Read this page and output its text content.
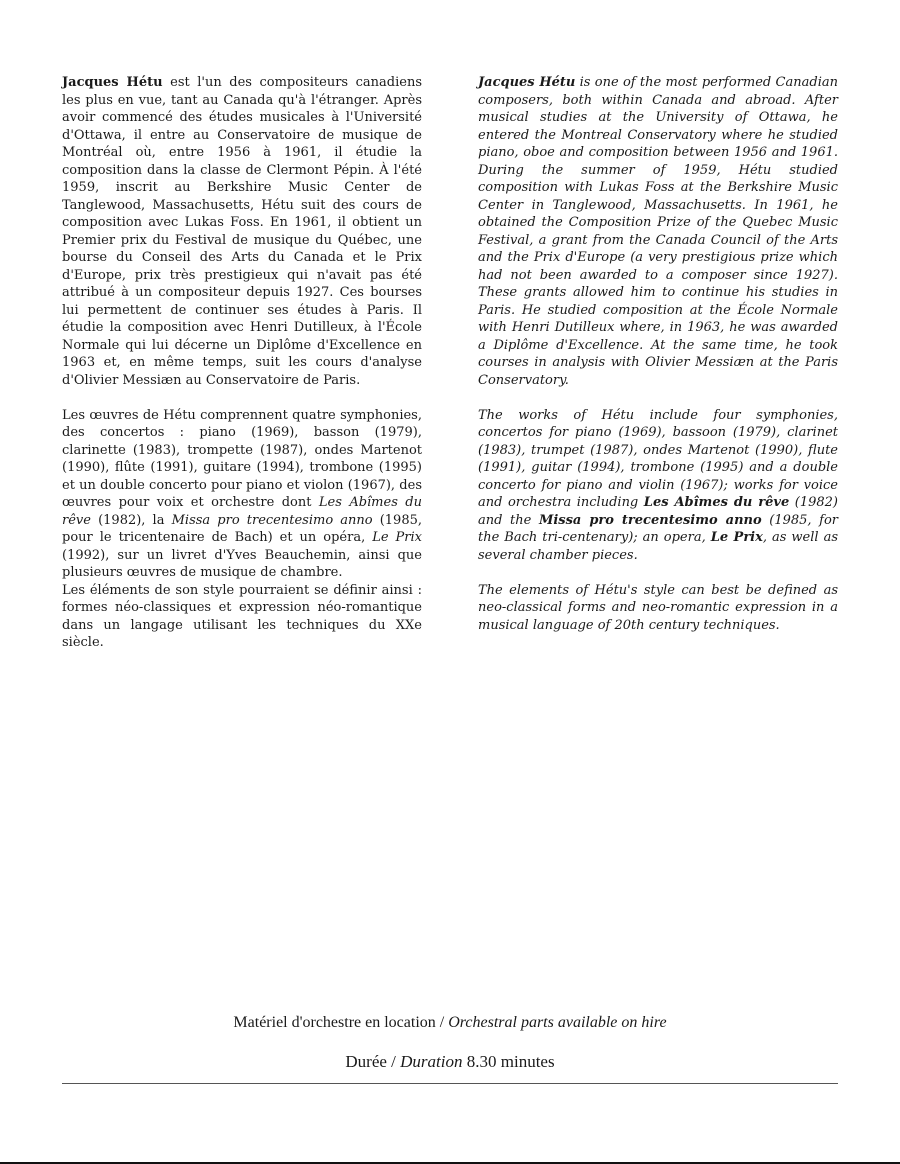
Jacques Hétu est l'un des compositeurs canadiens les plus en vue, tant au Canada qu'à l'étranger. Après avoir commencé des études musicales à l'Université d'Ottawa, il entre au Conservatoire de musique de Montréal où, entre 1956 à 1961, il étudie la composition dans la classe de Clermont Pépin. À l'été 1959, inscrit au Berkshire Music Center de Tanglewood, Massachusetts, Hétu suit des cours de composition avec Lukas Foss. En 1961, il obtient un Premier prix du Festival de musique du Québec, une bourse du Conseil des Arts du Canada et le Prix d'Europe, prix très prestigieux qui n'avait pas été attribué à un compositeur depuis 1927. Ces bourses lui permettent de continuer ses études à Paris. Il étudie la composition avec Henri Dutilleux, à l'École Normale qui lui décerne un Diplôme d'Excellence en 1963 et, en même temps, suit les cours d'analyse d'Olivier Messiæn au Conservatoire de Paris.

Les œuvres de Hétu comprennent quatre symphonies, des concertos : piano (1969), basson (1979), clarinette (1983), trompette (1987), ondes Martenot (1990), flûte (1991), guitare (1994), trombone (1995) et un double concerto pour piano et violon (1967), des œuvres pour voix et orchestre dont Les Abîmes du rêve (1982), la Missa pro trecentesimo anno (1985, pour le tricentenaire de Bach) et un opéra, Le Prix (1992), sur un livret d'Yves Beauchemin, ainsi que plusieurs œuvres de musique de chambre.

Les éléments de son style pourraient se définir ainsi : formes néo-classiques et expression néo-romantique dans un langage utilisant les techniques du XXe siècle.

Jacques Hétu is one of the most performed Canadian composers, both within Canada and abroad. After musical studies at the University of Ottawa, he entered the Montreal Conservatory where he studied piano, oboe and composition between 1956 and 1961. During the summer of 1959, Hétu studied composition with Lukas Foss at the Berkshire Music Center in Tanglewood, Massachusetts. In 1961, he obtained the Composition Prize of the Quebec Music Festival, a grant from the Canada Council of the Arts and the Prix d'Europe (a very prestigious prize which had not been awarded to a composer since 1927). These grants allowed him to continue his studies in Paris. He studied composition at the École Normale with Henri Dutilleux where, in 1963, he was awarded a Diplôme d'Excellence. At the same time, he took courses in analysis with Olivier Messiæn at the Paris Conservatory.

The works of Hétu include four symphonies, concertos for piano (1969), bassoon (1979), clarinet (1983), trumpet (1987), ondes Martenot (1990), flute (1991), guitar (1994), trombone (1995) and a double concerto for piano and violin (1967); works for voice and orchestra including Les Abîmes du rêve (1982) and the Missa pro trecentesimo anno (1985, for the Bach tri-centenary); an opera, Le Prix, as well as several chamber pieces.

The elements of Hétu's style can best be defined as neo-classical forms and neo-romantic expression in a musical language of 20th century techniques.

Matériel d'orchestre en location / Orchestral parts available on hire
Durée / Duration 8.30 minutes
